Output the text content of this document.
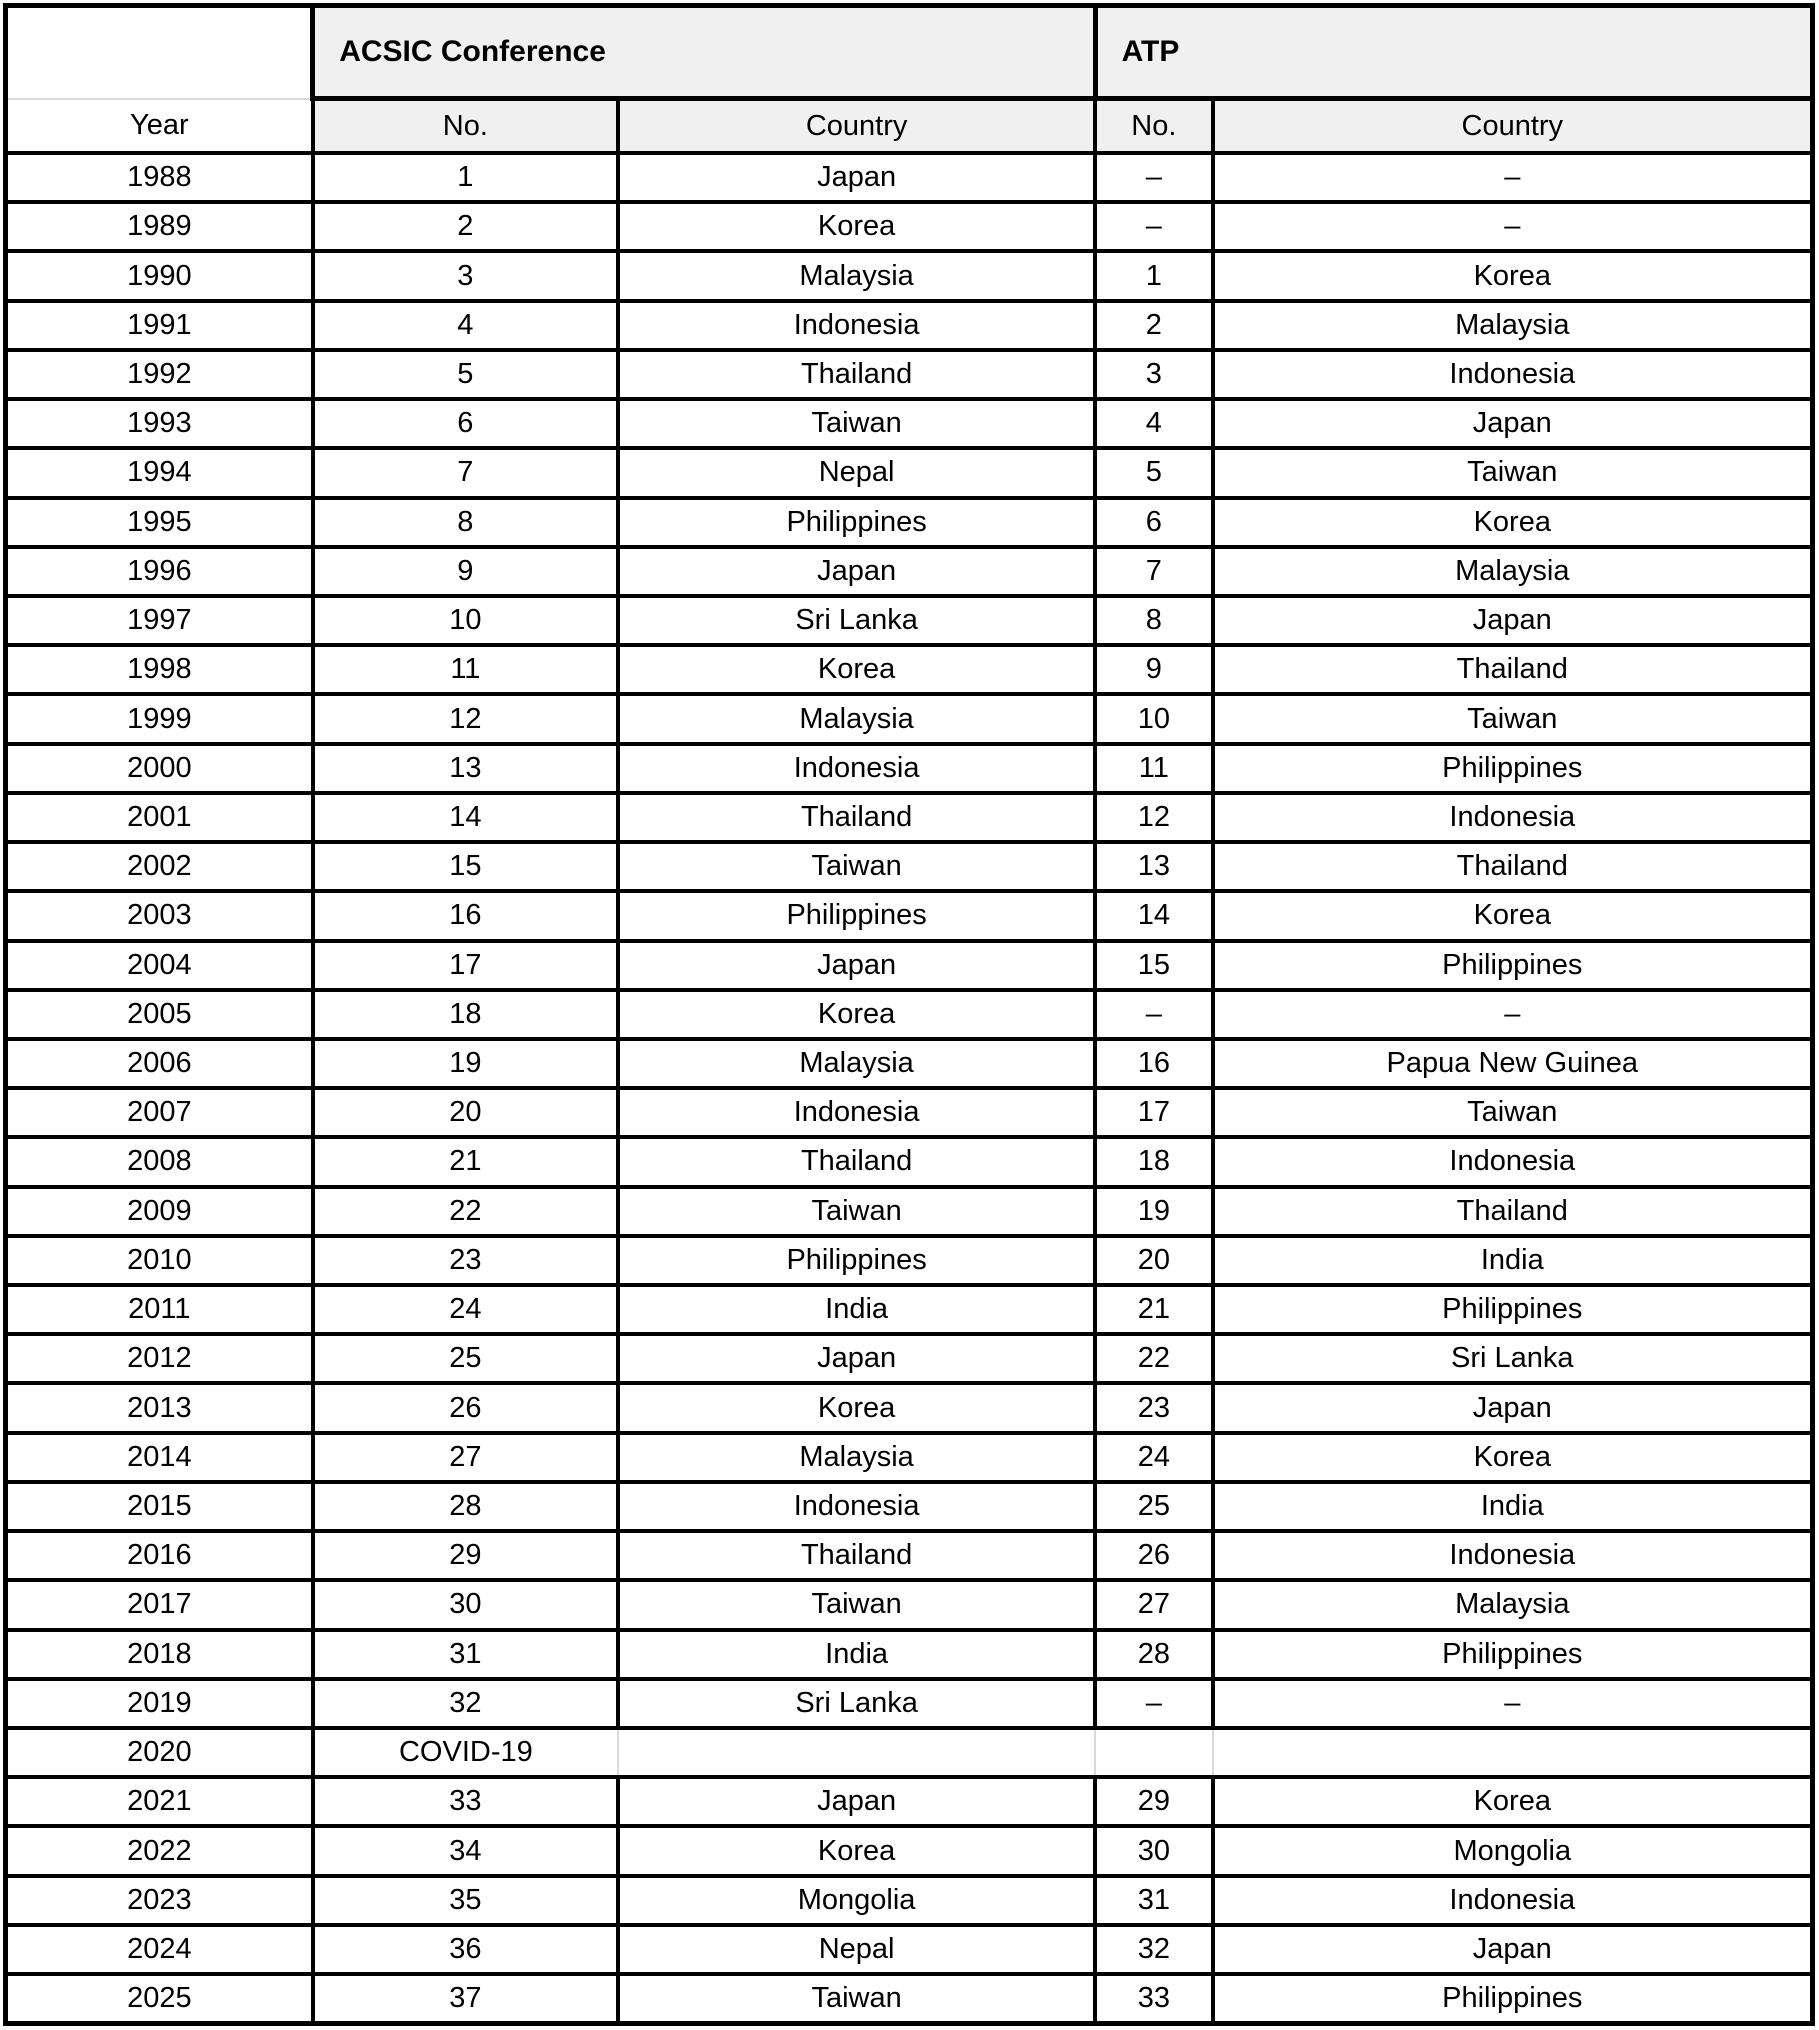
	ACSIC Conference		ATP	
Year	No.	Country	No.	Country
1988	1	Japan	–	–
1989	2	Korea	–	–
1990	3	Malaysia	1	Korea
1991	4	Indonesia	2	Malaysia
1992	5	Thailand	3	Indonesia
1993	6	Taiwan	4	Japan
1994	7	Nepal	5	Taiwan
1995	8	Philippines	6	Korea
1996	9	Japan	7	Malaysia
1997	10	Sri Lanka	8	Japan
1998	11	Korea	9	Thailand
1999	12	Malaysia	10	Taiwan
2000	13	Indonesia	11	Philippines
2001	14	Thailand	12	Indonesia
2002	15	Taiwan	13	Thailand
2003	16	Philippines	14	Korea
2004	17	Japan	15	Philippines
2005	18	Korea	–	–
2006	19	Malaysia	16	Papua New Guinea
2007	20	Indonesia	17	Taiwan
2008	21	Thailand	18	Indonesia
2009	22	Taiwan	19	Thailand
2010	23	Philippines	20	India
2011	24	India	21	Philippines
2012	25	Japan	22	Sri Lanka
2013	26	Korea	23	Japan
2014	27	Malaysia	24	Korea
2015	28	Indonesia	25	India
2016	29	Thailand	26	Indonesia
2017	30	Taiwan	27	Malaysia
2018	31	India	28	Philippines
2019	32	Sri Lanka	–	–
2020	COVID-19			
2021	33	Japan	29	Korea
2022	34	Korea	30	Mongolia
2023	35	Mongolia	31	Indonesia
2024	36	Nepal	32	Japan
2025	37	Taiwan	33	Philippines
